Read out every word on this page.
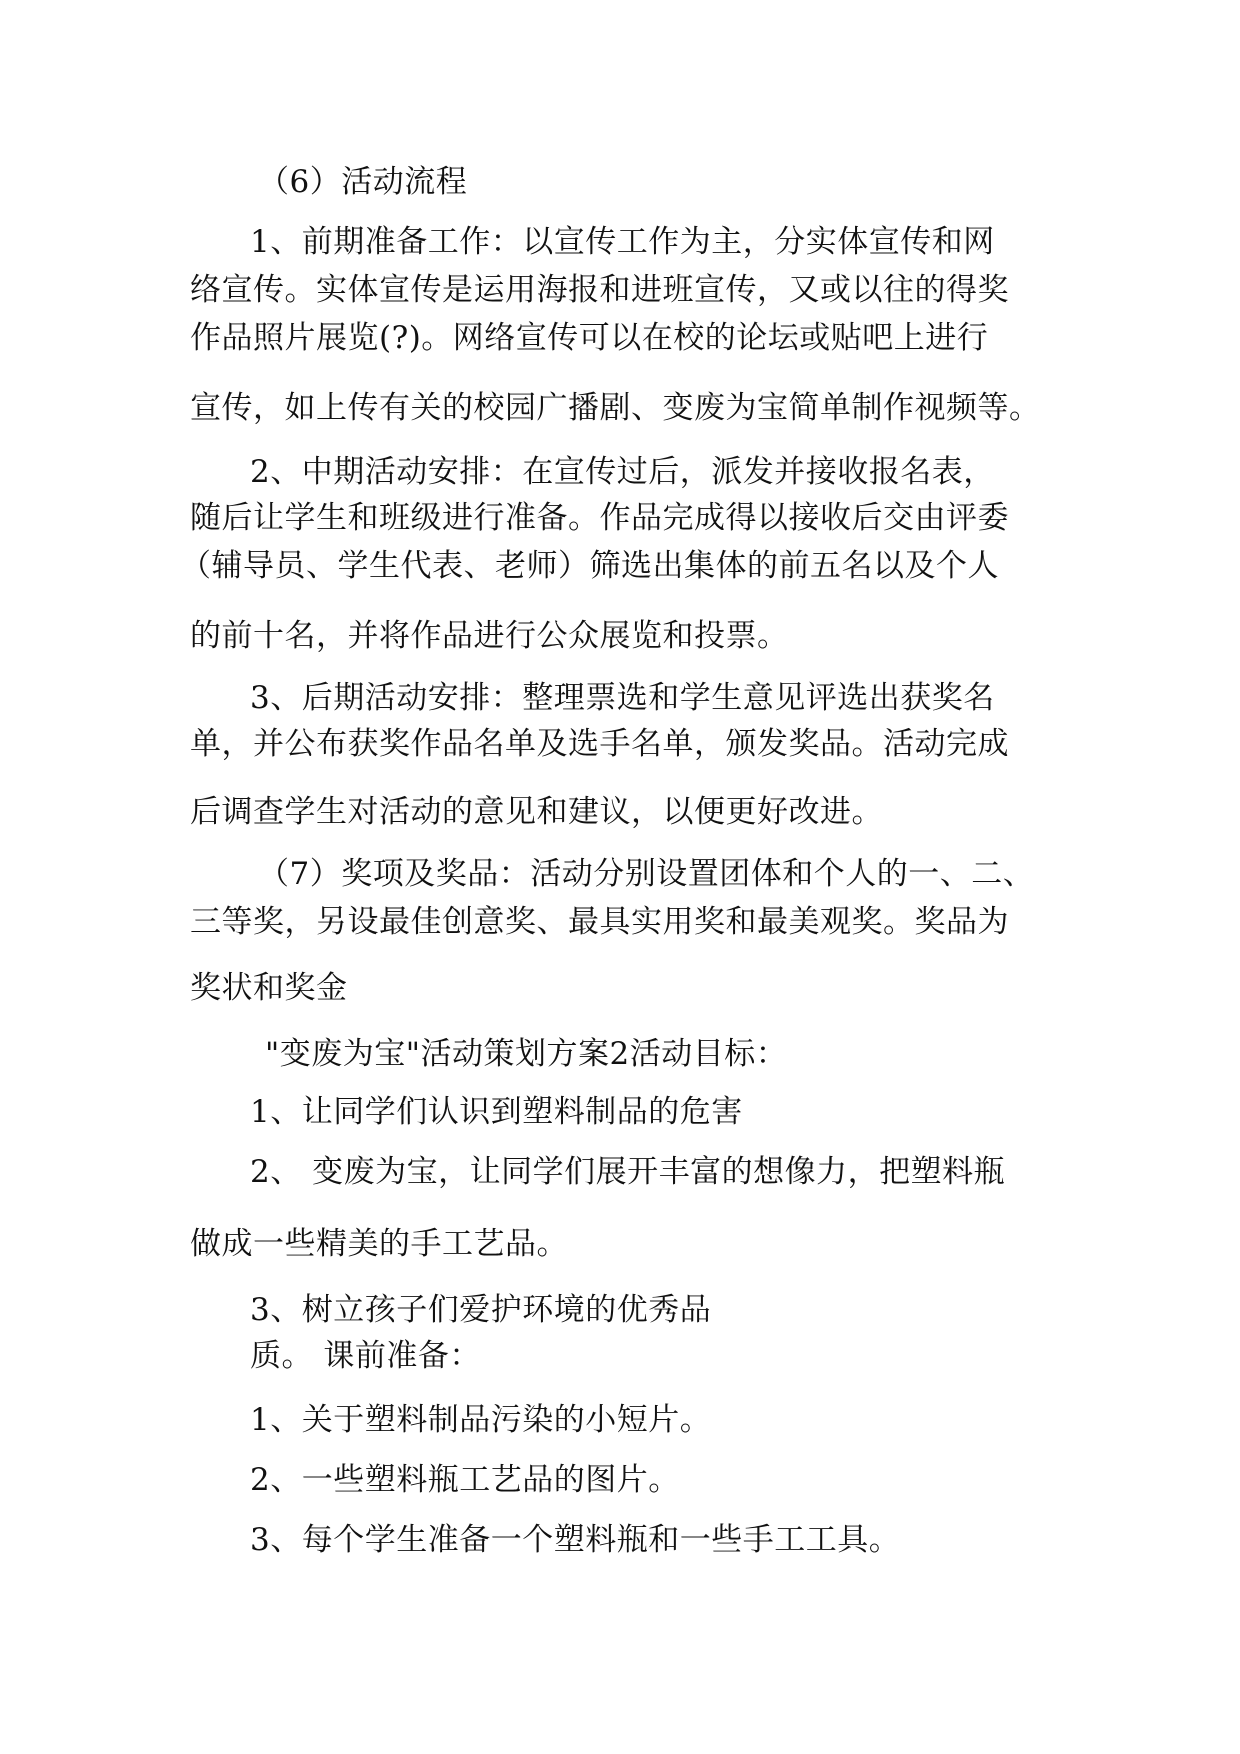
（6）活动流程
1、前期准备工作：以宣传工作为主，分实体宣传和网
络宣传。实体宣传是运用海报和进班宣传，又或以往的得奖
作品照片展览(?)。网络宣传可以在校的论坛或贴吧上进行
宣传，如上传有关的校园广播剧、变废为宝简单制作视频等。
2、中期活动安排：在宣传过后，派发并接收报名表，
随后让学生和班级进行准备。作品完成得以接收后交由评委
（辅导员、学生代表、老师）筛选出集体的前五名以及个人
的前十名，并将作品进行公众展览和投票。
3、后期活动安排：整理票选和学生意见评选出获奖名
单，并公布获奖作品名单及选手名单，颁发奖品。活动完成
后调查学生对活动的意见和建议，以便更好改进。
（7）奖项及奖品：活动分别设置团体和个人的一、二、
三等奖，另设最佳创意奖、最具实用奖和最美观奖。奖品为
奖状和奖金
"变废为宝"活动策划方案2活动目标：
1、让同学们认识到塑料制品的危害
2、 变废为宝，让同学们展开丰富的想像力，把塑料瓶
做成一些精美的手工艺品。
3、树立孩子们爱护环境的优秀品
质。 课前准备：
1、关于塑料制品污染的小短片。
2、一些塑料瓶工艺品的图片。
3、每个学生准备一个塑料瓶和一些手工工具。
